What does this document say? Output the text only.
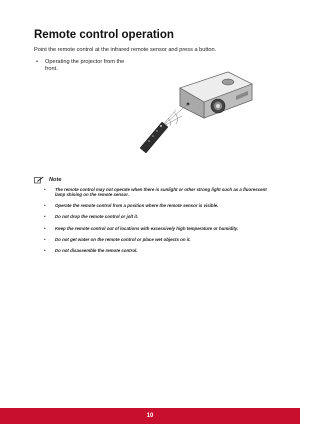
Remote control operation
Point the remote control at the infrared remote sensor and press a button.
• Operating the projector from the front.
Note
• The remote control may not operate when there is sunlight or other strong light such as a fluorescent lamp shining on the remote sensor.
• Operate the remote control from a position where the remote sensor is visible.
• Do not drop the remote control or jolt it.
• Keep the remote control out of locations with excessively high temperature or humidity.
• Do not get water on the remote control or place wet objects on it.
• Do not disassemble the remote control.
10
